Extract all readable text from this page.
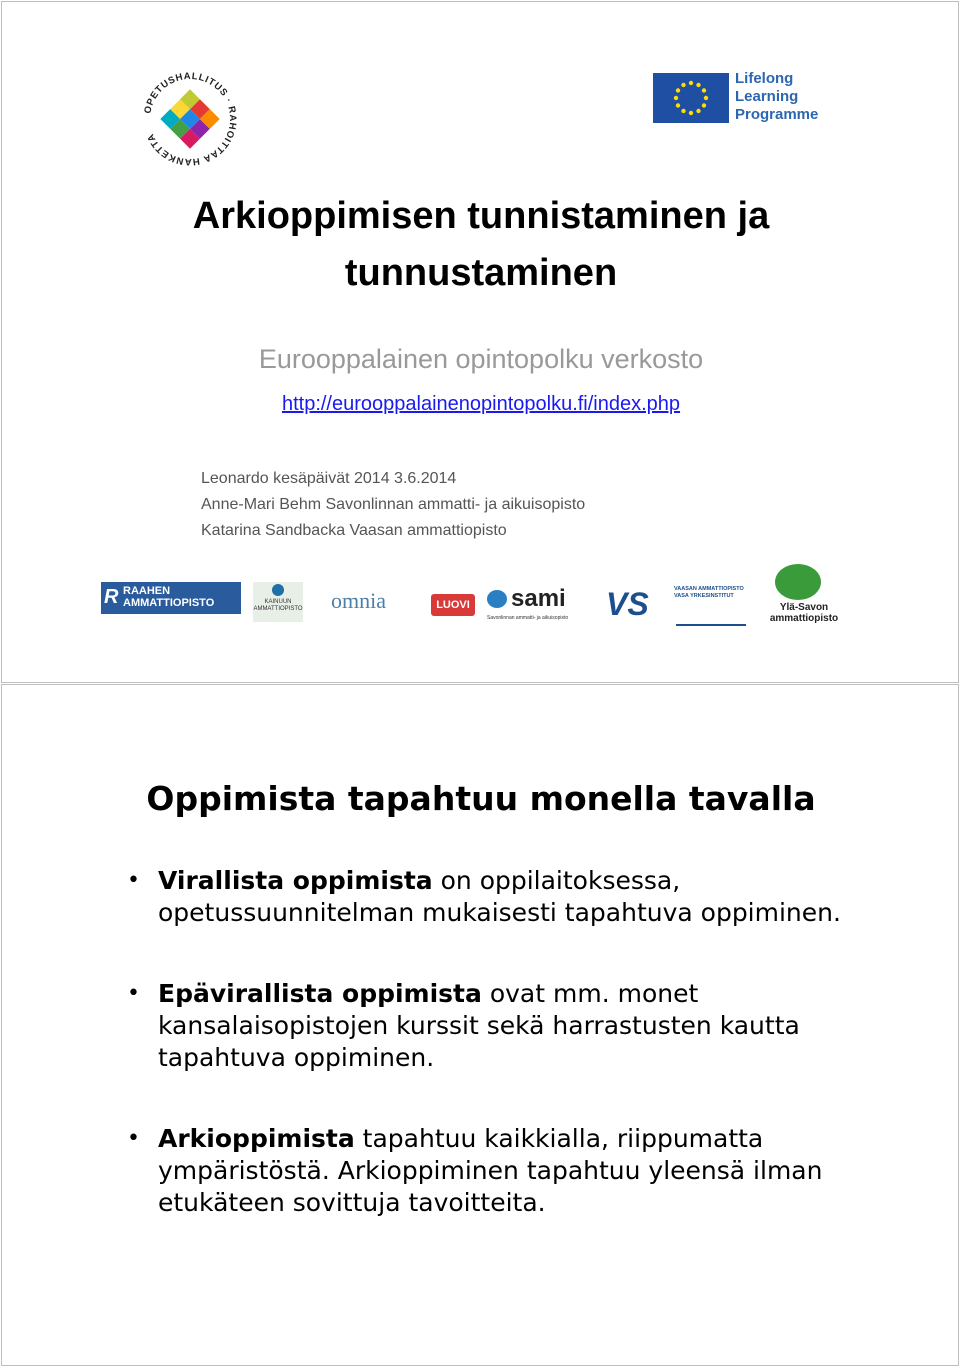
OPETUSHALLITUS · RAHOITTAA HANKETTA
Lifelong
Learning
Programme
Arkioppimisen tunnistaminen ja
tunnustaminen
Eurooppalainen opintopolku verkosto
http://eurooppalainenopintopolku.fi/index.php
Leonardo kesäpäivät 2014 3.6.2014
Anne-Mari Behm Savonlinnan ammatti- ja aikuisopisto
Katarina Sandbacka Vaasan ammattiopisto
R RAAHEN AMMATTIOPISTO	KAINUUN AMMATTIOPISTO omnia	LUOVI sami
Savonlinnan ammatti- ja aikuisopisto	VS	VAASAN AMMATTIOPISTO VASA YRKESINSTITUT
Ylä-Savon ammattiopisto
Oppimista tapahtuu monella tavalla
• Virallista oppimista on oppilaitoksessa, opetussuunnitelman mukaisesti tapahtuva oppiminen.
• Epävirallista oppimista ovat mm. monet kansalaisopistojen kurssit sekä harrastusten kautta tapahtuva oppiminen.
• Arkioppimista tapahtuu kaikkialla, riippumatta ympäristöstä. Arkioppiminen tapahtuu yleensä ilman etukäteen sovittuja tavoitteita.
